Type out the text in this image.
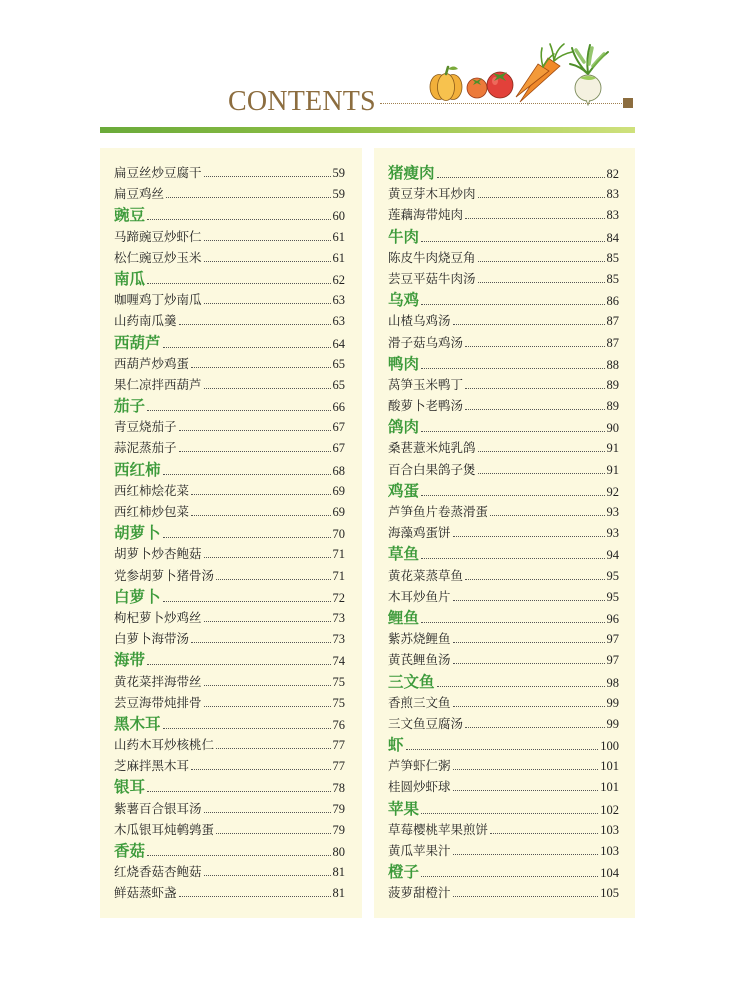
CONTENTS
扁豆丝炒豆腐干	59
扁豆鸡丝	59
豌豆	60
马蹄豌豆炒虾仁	61
松仁豌豆炒玉米	61
南瓜	62
咖喱鸡丁炒南瓜	63
山药南瓜羹	63
西葫芦	64
西葫芦炒鸡蛋	65
果仁凉拌西葫芦	65
茄子	66
青豆烧茄子	67
蒜泥蒸茄子	67
西红柿	68
西红柿烩花菜	69
西红柿炒包菜	69
胡萝卜	70
胡萝卜炒杏鲍菇	71
党参胡萝卜猪骨汤	71
白萝卜	72
枸杞萝卜炒鸡丝	73
白萝卜海带汤	73
海带	74
黄花菜拌海带丝	75
芸豆海带炖排骨	75
黑木耳	76
山药木耳炒核桃仁	77
芝麻拌黑木耳	77
银耳	78
紫薯百合银耳汤	79
木瓜银耳炖鹌鹑蛋	79
香菇	80
红烧香菇杏鲍菇	81
鲜菇蒸虾盏	81
猪瘦肉	82
黄豆芽木耳炒肉	83
莲藕海带炖肉	83
牛肉	84
陈皮牛肉烧豆角	85
芸豆平菇牛肉汤	85
乌鸡	86
山楂乌鸡汤	87
滑子菇乌鸡汤	87
鸭肉	88
莴笋玉米鸭丁	89
酸萝卜老鸭汤	89
鸽肉	90
桑葚薏米炖乳鸽	91
百合白果鸽子煲	91
鸡蛋	92
芦笋鱼片卷蒸滑蛋	93
海藻鸡蛋饼	93
草鱼	94
黄花菜蒸草鱼	95
木耳炒鱼片	95
鲤鱼	96
紫苏烧鲤鱼	97
黄芪鲤鱼汤	97
三文鱼	98
香煎三文鱼	99
三文鱼豆腐汤	99
虾	100
芦笋虾仁粥	101
桂圆炒虾球	101
苹果	102
草莓樱桃苹果煎饼	103
黄瓜苹果汁	103
橙子	104
菠萝甜橙汁	105
